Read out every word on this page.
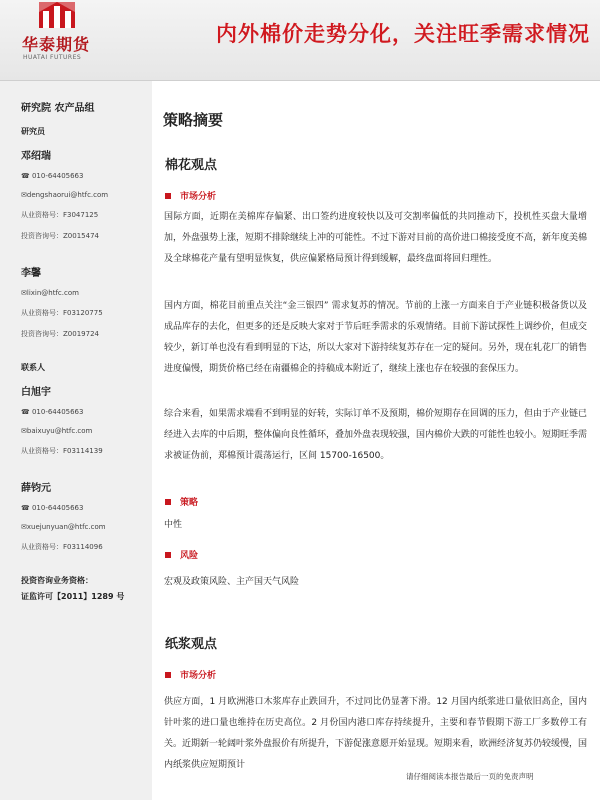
华泰期货
HUATAI FUTURES
内外棉价走势分化，关注旺季需求情况
研究院 农产品组
研究员
邓绍瑞
☎ 010-64405663
✉dengshaorui@htfc.com
从业资格号：F3047125
投资咨询号：Z0015474
李馨
✉lixin@htfc.com
从业资格号：F03120775
投资咨询号：Z0019724
联系人
白旭宇
☎ 010-64405663
✉baixuyu@htfc.com
从业资格号：F03114139
薛钧元
☎ 010-64405663
✉xuejunyuan@htfc.com
从业资格号：F03114096
投资咨询业务资格：
证监许可【2011】1289 号
策略摘要
棉花观点
市场分析
国际方面，近期在美棉库存偏紧、出口签约进度较快以及可交割率偏低的共同推动下，投机性买盘大量增加，外盘强势上涨，短期不排除继续上冲的可能性。不过下游对目前的高价进口棉接受度不高，新年度美棉及全球棉花产量有望明显恢复，供应偏紧格局预计得到缓解，最终盘面将回归理性。
国内方面，棉花目前重点关注“金三银四” 需求复苏的情况。节前的上涨一方面来自于产业链积极备货以及成品库存的去化，但更多的还是反映大家对于节后旺季需求的乐观情绪。目前下游试探性上调纱价，但成交较少，新订单也没有看到明显的下达，所以大家对下游持续复苏存在一定的疑问。另外，现在轧花厂的销售进度偏慢，期货价格已经在南疆棉企的持稿成本附近了，继续上涨也存在较强的套保压力。
综合来看，如果需求端看不到明显的好转，实际订单不及预期，棉价短期存在回调的压力，但由于产业链已经进入去库的中后期，整体偏向良性循环，叠加外盘表现较强，国内棉价大跌的可能性也较小。短期旺季需求被证伪前，郑棉预计震荡运行，区间 15700-16500。
策略
中性
风险
宏观及政策风险、主产国天气风险
纸浆观点
市场分析
供应方面，1 月欧洲港口木浆库存止跌回升，不过同比仍显著下滑。12 月国内纸浆进口量依旧高企，国内针叶浆的进口量也维持在历史高位。2 月份国内港口库存持续提升，主要和春节假期下游工厂多数停工有关。近期新一轮阔叶浆外盘报价有所提升，下游促涨意愿开始显现。短期来看，欧洲经济复苏仍较缓慢，国内纸浆供应短期预计
请仔细阅读本报告最后一页的免责声明
